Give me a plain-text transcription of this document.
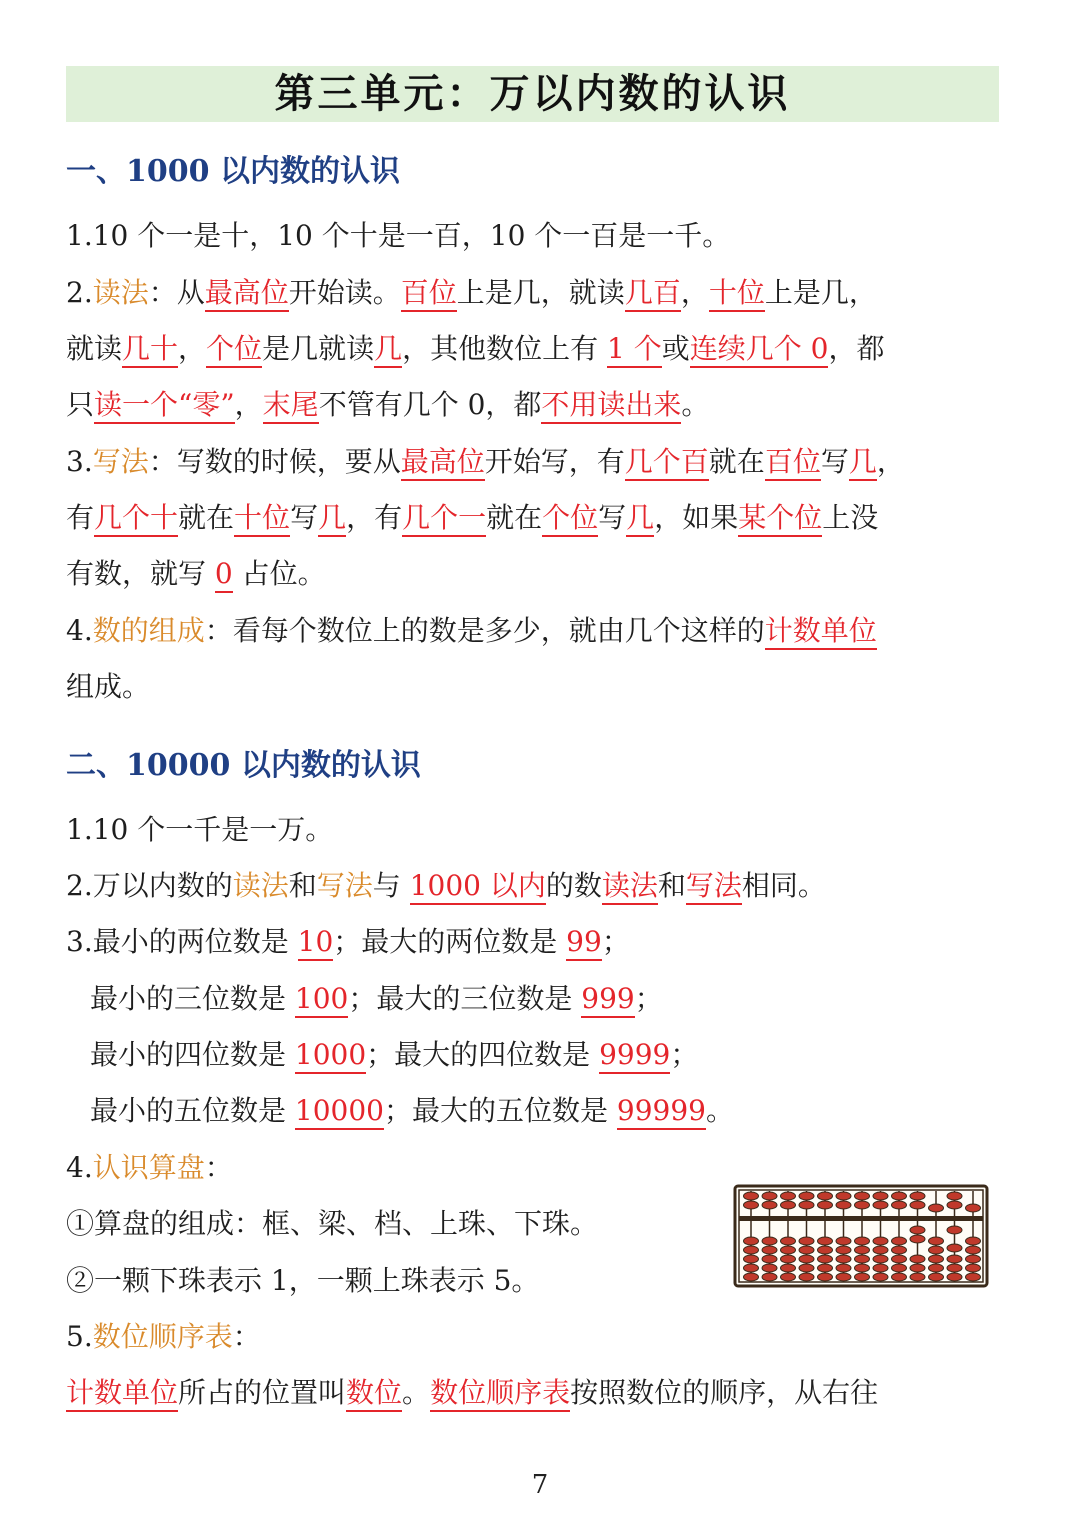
第三单元：万以内数的认识
一、1000 以内数的认识
1.10 个一是十，10 个十是一百，10 个一百是一千。
2.读法：从最高位开始读。百位上是几，就读几百，十位上是几，
就读几十，个位是几就读几，其他数位上有 1 个或连续几个 0，都
只读一个“零”，末尾不管有几个 0，都不用读出来。
3.写法：写数的时候，要从最高位开始写，有几个百就在百位写几，
有几个十就在十位写几，有几个一就在个位写几，如果某个位上没
有数，就写 0 占位。
4.数的组成：看每个数位上的数是多少，就由几个这样的计数单位
组成。
二、10000 以内数的认识
1.10 个一千是一万。
2.万以内数的读法和写法与 1000 以内的数读法和写法相同。
3.最小的两位数是 10；最大的两位数是 99；
最小的三位数是 100；最大的三位数是 999；
最小的四位数是 1000；最大的四位数是 9999；
最小的五位数是 10000；最大的五位数是 99999。
4.认识算盘：
①算盘的组成：框、梁、档、上珠、下珠。
②一颗下珠表示 1，一颗上珠表示 5。
5.数位顺序表：
计数单位所占的位置叫数位。数位顺序表按照数位的顺序，从右往
7
